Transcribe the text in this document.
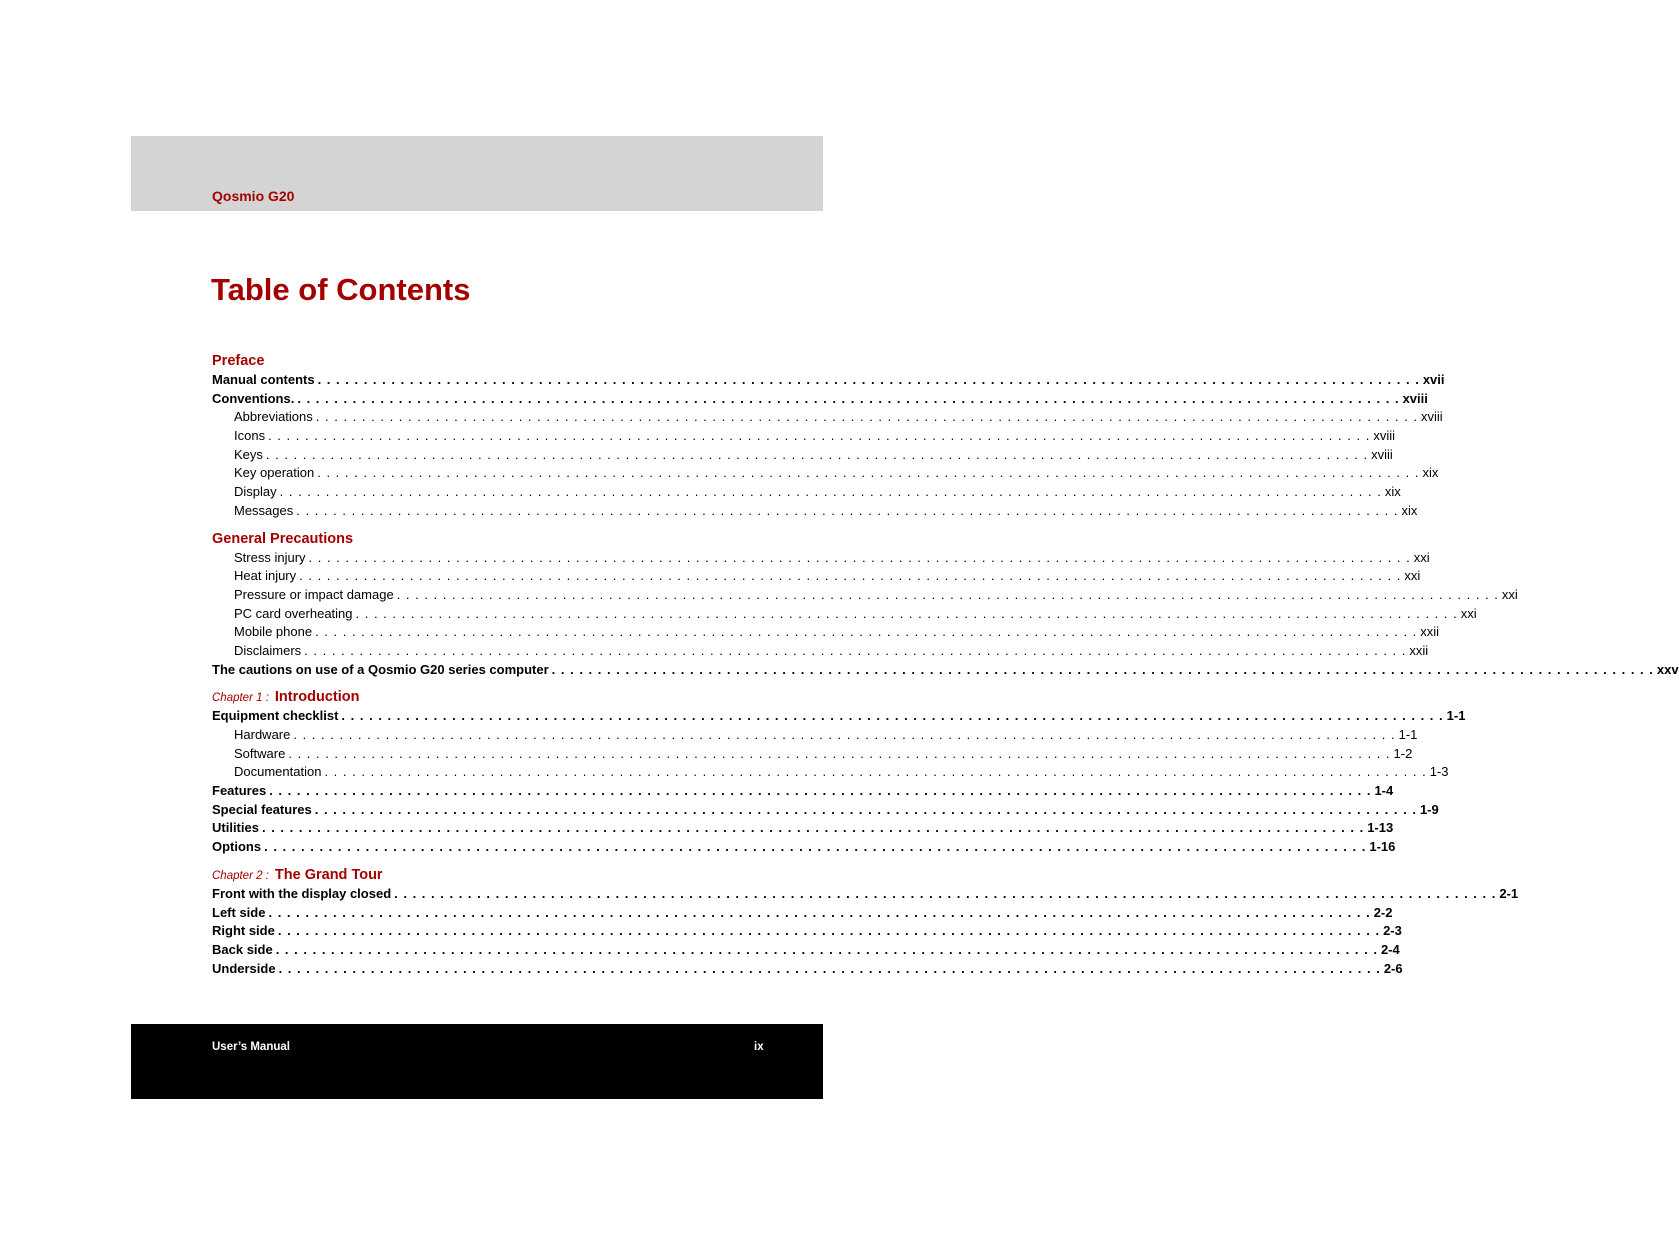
Qosmio G20
Table of Contents
Preface
Manual contents . . . . . . . . . . . . . . . . . . . . . . . . . . . . . . . . . . . . . . . . . . . . . . . . . . . . . . . . . . . . . . . . . . . . . . . . . . . . . . . . . . . . . . . . . . . . . . . . . . . . . . . . . . . . . . . . . . . . . . . . xvii
Conventions. . . . . . . . . . . . . . . . . . . . . . . . . . . . . . . . . . . . . . . . . . . . . . . . . . . . . . . . . . . . . . . . . . . . . . . . . . . . . . . . . . . . . . . . . . . . . . . . . . . . . . . . . . . . . . . . . . . . . . . . . xviii
Abbreviations . . . . . . . . . . . . . . . . . . . . . . . . . . . . . . . . . . . . . . . . . . . . . . . . . . . . . . . . . . . . . . . . . . . . . . . . . . . . . . . . . . . . . . . . . . . . . . . . . . . . . . . . . . . . . . . . . . . . . . . . xviii
Icons . . . . . . . . . . . . . . . . . . . . . . . . . . . . . . . . . . . . . . . . . . . . . . . . . . . . . . . . . . . . . . . . . . . . . . . . . . . . . . . . . . . . . . . . . . . . . . . . . . . . . . . . . . . . . . . . . . . . . . . . xviii
Keys . . . . . . . . . . . . . . . . . . . . . . . . . . . . . . . . . . . . . . . . . . . . . . . . . . . . . . . . . . . . . . . . . . . . . . . . . . . . . . . . . . . . . . . . . . . . . . . . . . . . . . . . . . . . . . . . . . . . . . . . xviii
Key operation . . . . . . . . . . . . . . . . . . . . . . . . . . . . . . . . . . . . . . . . . . . . . . . . . . . . . . . . . . . . . . . . . . . . . . . . . . . . . . . . . . . . . . . . . . . . . . . . . . . . . . . . . . . . . . . . . . . . . . . . xix
Display . . . . . . . . . . . . . . . . . . . . . . . . . . . . . . . . . . . . . . . . . . . . . . . . . . . . . . . . . . . . . . . . . . . . . . . . . . . . . . . . . . . . . . . . . . . . . . . . . . . . . . . . . . . . . . . . . . . . . . . . xix
Messages . . . . . . . . . . . . . . . . . . . . . . . . . . . . . . . . . . . . . . . . . . . . . . . . . . . . . . . . . . . . . . . . . . . . . . . . . . . . . . . . . . . . . . . . . . . . . . . . . . . . . . . . . . . . . . . . . . . . . . . . xix
General Precautions
Stress injury . . . . . . . . . . . . . . . . . . . . . . . . . . . . . . . . . . . . . . . . . . . . . . . . . . . . . . . . . . . . . . . . . . . . . . . . . . . . . . . . . . . . . . . . . . . . . . . . . . . . . . . . . . . . . . . . . . . . . . . . xxi
Heat injury . . . . . . . . . . . . . . . . . . . . . . . . . . . . . . . . . . . . . . . . . . . . . . . . . . . . . . . . . . . . . . . . . . . . . . . . . . . . . . . . . . . . . . . . . . . . . . . . . . . . . . . . . . . . . . . . . . . . . . . . xxi
Pressure or impact damage . . . . . . . . . . . . . . . . . . . . . . . . . . . . . . . . . . . . . . . . . . . . . . . . . . . . . . . . . . . . . . . . . . . . . . . . . . . . . . . . . . . . . . . . . . . . . . . . . . . . . . . . . . . . . . . . . . . . . . . . xxi
PC card overheating . . . . . . . . . . . . . . . . . . . . . . . . . . . . . . . . . . . . . . . . . . . . . . . . . . . . . . . . . . . . . . . . . . . . . . . . . . . . . . . . . . . . . . . . . . . . . . . . . . . . . . . . . . . . . . . . . . . . . . . . xxi
Mobile phone . . . . . . . . . . . . . . . . . . . . . . . . . . . . . . . . . . . . . . . . . . . . . . . . . . . . . . . . . . . . . . . . . . . . . . . . . . . . . . . . . . . . . . . . . . . . . . . . . . . . . . . . . . . . . . . . . . . . . . . . xxii
Disclaimers . . . . . . . . . . . . . . . . . . . . . . . . . . . . . . . . . . . . . . . . . . . . . . . . . . . . . . . . . . . . . . . . . . . . . . . . . . . . . . . . . . . . . . . . . . . . . . . . . . . . . . . . . . . . . . . . . . . . . . . . xxii
The cautions on use of a Qosmio G20 series computer . . . . . . . . . . . . . . . . . . . . . . . . . . . . . . . . . . . . . . . . . . . . . . . . . . . . . . . . . . . . . . . . . . . . . . . . . . . . . . . . . . . . . . . . . . . . . . . . . . . . . . . . . . . . . . . . . . . . . . . . xxv
Chapter 1 : Introduction
Equipment checklist . . . . . . . . . . . . . . . . . . . . . . . . . . . . . . . . . . . . . . . . . . . . . . . . . . . . . . . . . . . . . . . . . . . . . . . . . . . . . . . . . . . . . . . . . . . . . . . . . . . . . . . . . . . . . . . . . . . . . . . . 1-1
Hardware . . . . . . . . . . . . . . . . . . . . . . . . . . . . . . . . . . . . . . . . . . . . . . . . . . . . . . . . . . . . . . . . . . . . . . . . . . . . . . . . . . . . . . . . . . . . . . . . . . . . . . . . . . . . . . . . . . . . . . . . 1-1
Software . . . . . . . . . . . . . . . . . . . . . . . . . . . . . . . . . . . . . . . . . . . . . . . . . . . . . . . . . . . . . . . . . . . . . . . . . . . . . . . . . . . . . . . . . . . . . . . . . . . . . . . . . . . . . . . . . . . . . . . . 1-2
Documentation . . . . . . . . . . . . . . . . . . . . . . . . . . . . . . . . . . . . . . . . . . . . . . . . . . . . . . . . . . . . . . . . . . . . . . . . . . . . . . . . . . . . . . . . . . . . . . . . . . . . . . . . . . . . . . . . . . . . . . . . 1-3
Features . . . . . . . . . . . . . . . . . . . . . . . . . . . . . . . . . . . . . . . . . . . . . . . . . . . . . . . . . . . . . . . . . . . . . . . . . . . . . . . . . . . . . . . . . . . . . . . . . . . . . . . . . . . . . . . . . . . . . . . . 1-4
Special features . . . . . . . . . . . . . . . . . . . . . . . . . . . . . . . . . . . . . . . . . . . . . . . . . . . . . . . . . . . . . . . . . . . . . . . . . . . . . . . . . . . . . . . . . . . . . . . . . . . . . . . . . . . . . . . . . . . . . . . . 1-9
Utilities . . . . . . . . . . . . . . . . . . . . . . . . . . . . . . . . . . . . . . . . . . . . . . . . . . . . . . . . . . . . . . . . . . . . . . . . . . . . . . . . . . . . . . . . . . . . . . . . . . . . . . . . . . . . . . . . . . . . . . . . 1-13
Options . . . . . . . . . . . . . . . . . . . . . . . . . . . . . . . . . . . . . . . . . . . . . . . . . . . . . . . . . . . . . . . . . . . . . . . . . . . . . . . . . . . . . . . . . . . . . . . . . . . . . . . . . . . . . . . . . . . . . . . . 1-16
Chapter 2 : The Grand Tour
Front with the display closed . . . . . . . . . . . . . . . . . . . . . . . . . . . . . . . . . . . . . . . . . . . . . . . . . . . . . . . . . . . . . . . . . . . . . . . . . . . . . . . . . . . . . . . . . . . . . . . . . . . . . . . . . . . . . . . . . . . . . . . . 2-1
Left side . . . . . . . . . . . . . . . . . . . . . . . . . . . . . . . . . . . . . . . . . . . . . . . . . . . . . . . . . . . . . . . . . . . . . . . . . . . . . . . . . . . . . . . . . . . . . . . . . . . . . . . . . . . . . . . . . . . . . . . . 2-2
Right side . . . . . . . . . . . . . . . . . . . . . . . . . . . . . . . . . . . . . . . . . . . . . . . . . . . . . . . . . . . . . . . . . . . . . . . . . . . . . . . . . . . . . . . . . . . . . . . . . . . . . . . . . . . . . . . . . . . . . . . . 2-3
Back side . . . . . . . . . . . . . . . . . . . . . . . . . . . . . . . . . . . . . . . . . . . . . . . . . . . . . . . . . . . . . . . . . . . . . . . . . . . . . . . . . . . . . . . . . . . . . . . . . . . . . . . . . . . . . . . . . . . . . . . . 2-4
Underside . . . . . . . . . . . . . . . . . . . . . . . . . . . . . . . . . . . . . . . . . . . . . . . . . . . . . . . . . . . . . . . . . . . . . . . . . . . . . . . . . . . . . . . . . . . . . . . . . . . . . . . . . . . . . . . . . . . . . . . . 2-6
User’s Manual	ix
